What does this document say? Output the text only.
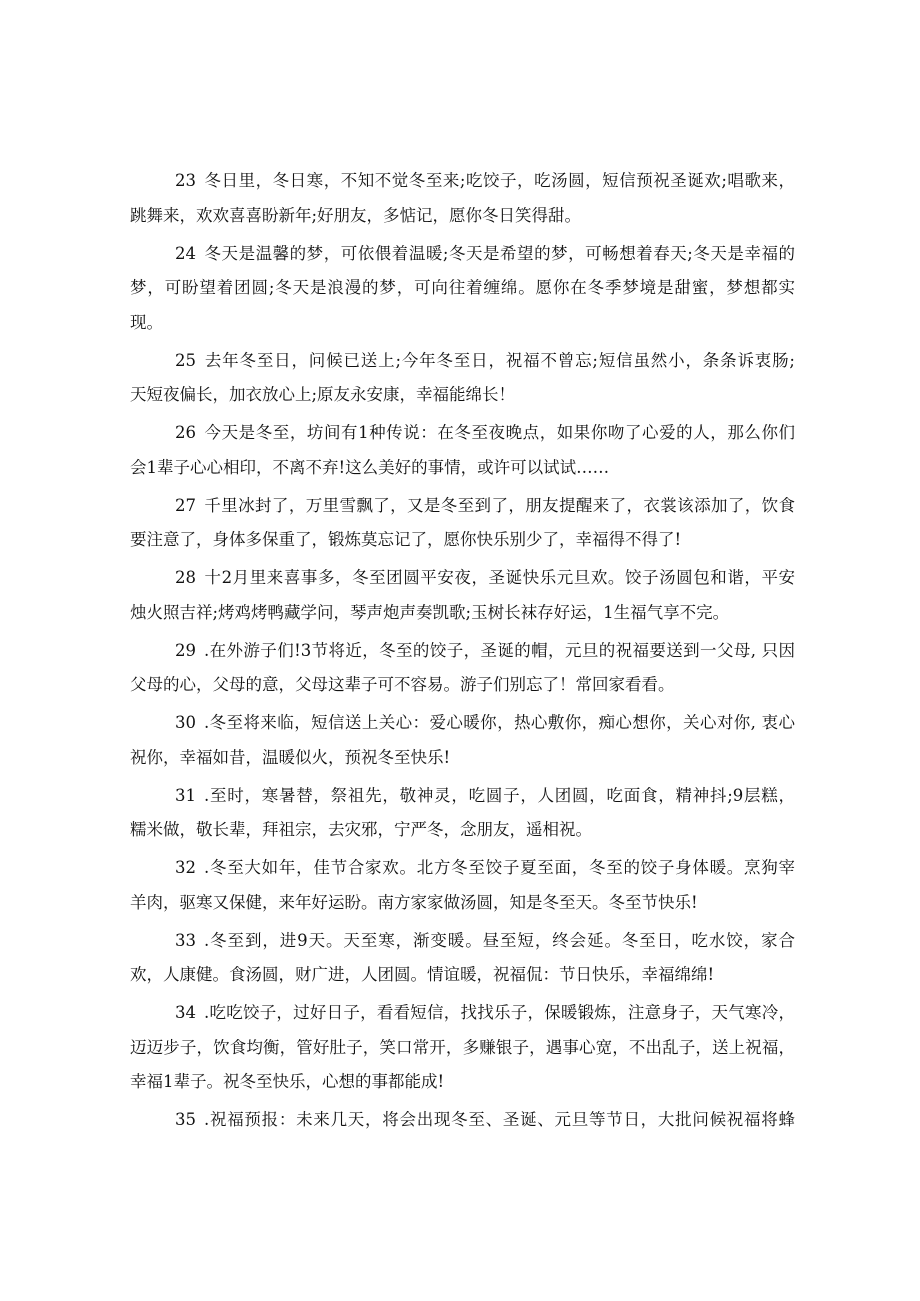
23 冬日里，冬日寒，不知不觉冬至来;吃饺子，吃汤圆，短信预祝圣诞欢;唱歌来，
跳舞来，欢欢喜喜盼新年;好朋友，多惦记，愿你冬日笑得甜。
24 冬天是温馨的梦，可依偎着温暖;冬天是希望的梦，可畅想着春天;冬天是幸福的
梦，可盼望着团圆;冬天是浪漫的梦，可向往着缠绵。愿你在冬季梦境是甜蜜，梦想都实
现。
25 去年冬至日，问候已送上;今年冬至日，祝福不曾忘;短信虽然小，条条诉衷肠;
天短夜偏长，加衣放心上;原友永安康，幸福能绵长！
26 今天是冬至，坊间有1种传说：在冬至夜晚点，如果你吻了心爱的人，那么你们
会1辈子心心相印，不离不弃!这么美好的事情，或许可以试试……
27 千里冰封了，万里雪飘了，又是冬至到了，朋友提醒来了，衣裳该添加了，饮食
要注意了，身体多保重了，锻炼莫忘记了，愿你快乐别少了，幸福得不得了!
28 十2月里来喜事多，冬至团圆平安夜，圣诞快乐元旦欢。饺子汤圆包和谐，平安
烛火照吉祥;烤鸡烤鸭藏学问，琴声炮声奏凯歌;玉树长袜存好运，1生福气享不完。
29 .在外游子们!3节将近，冬至的饺子，圣诞的帽，元旦的祝福要送到一父母, 只因
父母的心，父母的意，父母这辈子可不容易。游子们别忘了！常回家看看。
30 .冬至将来临，短信送上关心：爱心暖你，热心敷你，痴心想你，关心对你, 衷心
祝你，幸福如昔，温暖似火，预祝冬至快乐!
31 .至时，寒暑替，祭祖先，敬神灵，吃圆子，人团圆，吃面食，精神抖;9层糕，
糯米做，敬长辈，拜祖宗，去灾邪，宁严冬，念朋友，遥相祝。
32 .冬至大如年，佳节合家欢。北方冬至饺子夏至面，冬至的饺子身体暖。烹狗宰
羊肉，驱寒又保健，来年好运盼。南方家家做汤圆，知是冬至天。冬至节快乐!
33 .冬至到，进9天。天至寒，渐变暖。昼至短，终会延。冬至日，吃水饺，家合
欢，人康健。食汤圆，财广进，人团圆。情谊暖，祝福侃：节日快乐，幸福绵绵!
34 .吃吃饺子，过好日子，看看短信，找找乐子，保暖锻炼，注意身子，天气寒冷，
迈迈步子，饮食均衡，管好肚子，笑口常开，多赚银子，遇事心宽，不出乱子，送上祝福，
幸福1辈子。祝冬至快乐，心想的事都能成!
35 .祝福预报：未来几天，将会出现冬至、圣诞、元旦等节日，大批问候祝福将蜂
